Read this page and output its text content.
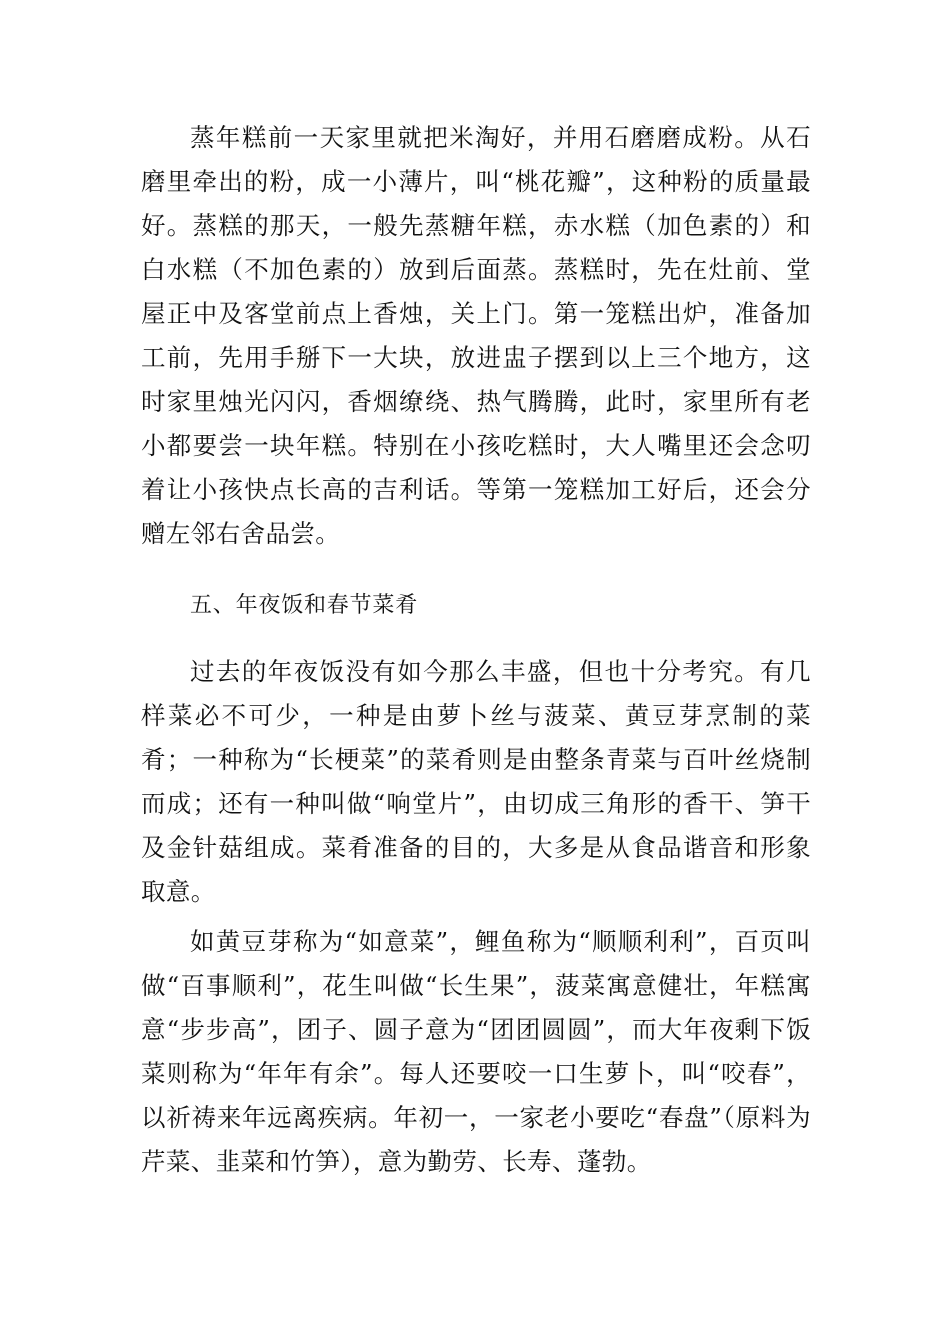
蒸年糕前一天家里就把米淘好，并用石磨磨成粉。从石磨里牵出的粉，成一小薄片，叫“桃花瓣”，这种粉的质量最好。蒸糕的那天，一般先蒸糖年糕，赤水糕（加色素的）和白水糕（不加色素的）放到后面蒸。蒸糕时，先在灶前、堂屋正中及客堂前点上香烛，关上门。第一笼糕出炉，准备加工前，先用手掰下一大块，放进盅子摆到以上三个地方，这时家里烛光闪闪，香烟缭绕、热气腾腾，此时，家里所有老小都要尝一块年糕。特别在小孩吃糕时，大人嘴里还会念叨着让小孩快点长高的吉利话。等第一笼糕加工好后，还会分赠左邻右舍品尝。

五、年夜饭和春节菜肴

过去的年夜饭没有如今那么丰盛，但也十分考究。有几样菜必不可少，一种是由萝卜丝与菠菜、黄豆芽烹制的菜肴；一种称为“长梗菜”的菜肴则是由整条青菜与百叶丝烧制而成；还有一种叫做“响堂片”，由切成三角形的香干、笋干及金针菇组成。菜肴准备的目的，大多是从食品谐音和形象取意。

如黄豆芽称为“如意菜”，鲤鱼称为“顺顺利利”，百页叫做“百事顺利”，花生叫做“长生果”，菠菜寓意健壮，年糕寓意“步步高”，团子、圆子意为“团团圆圆”，而大年夜剩下饭菜则称为“年年有余”。每人还要咬一口生萝卜，叫“咬春”，以祈祷来年远离疾病。年初一，一家老小要吃“春盘”（原料为芹菜、韭菜和竹笋），意为勤劳、长寿、蓬勃。
